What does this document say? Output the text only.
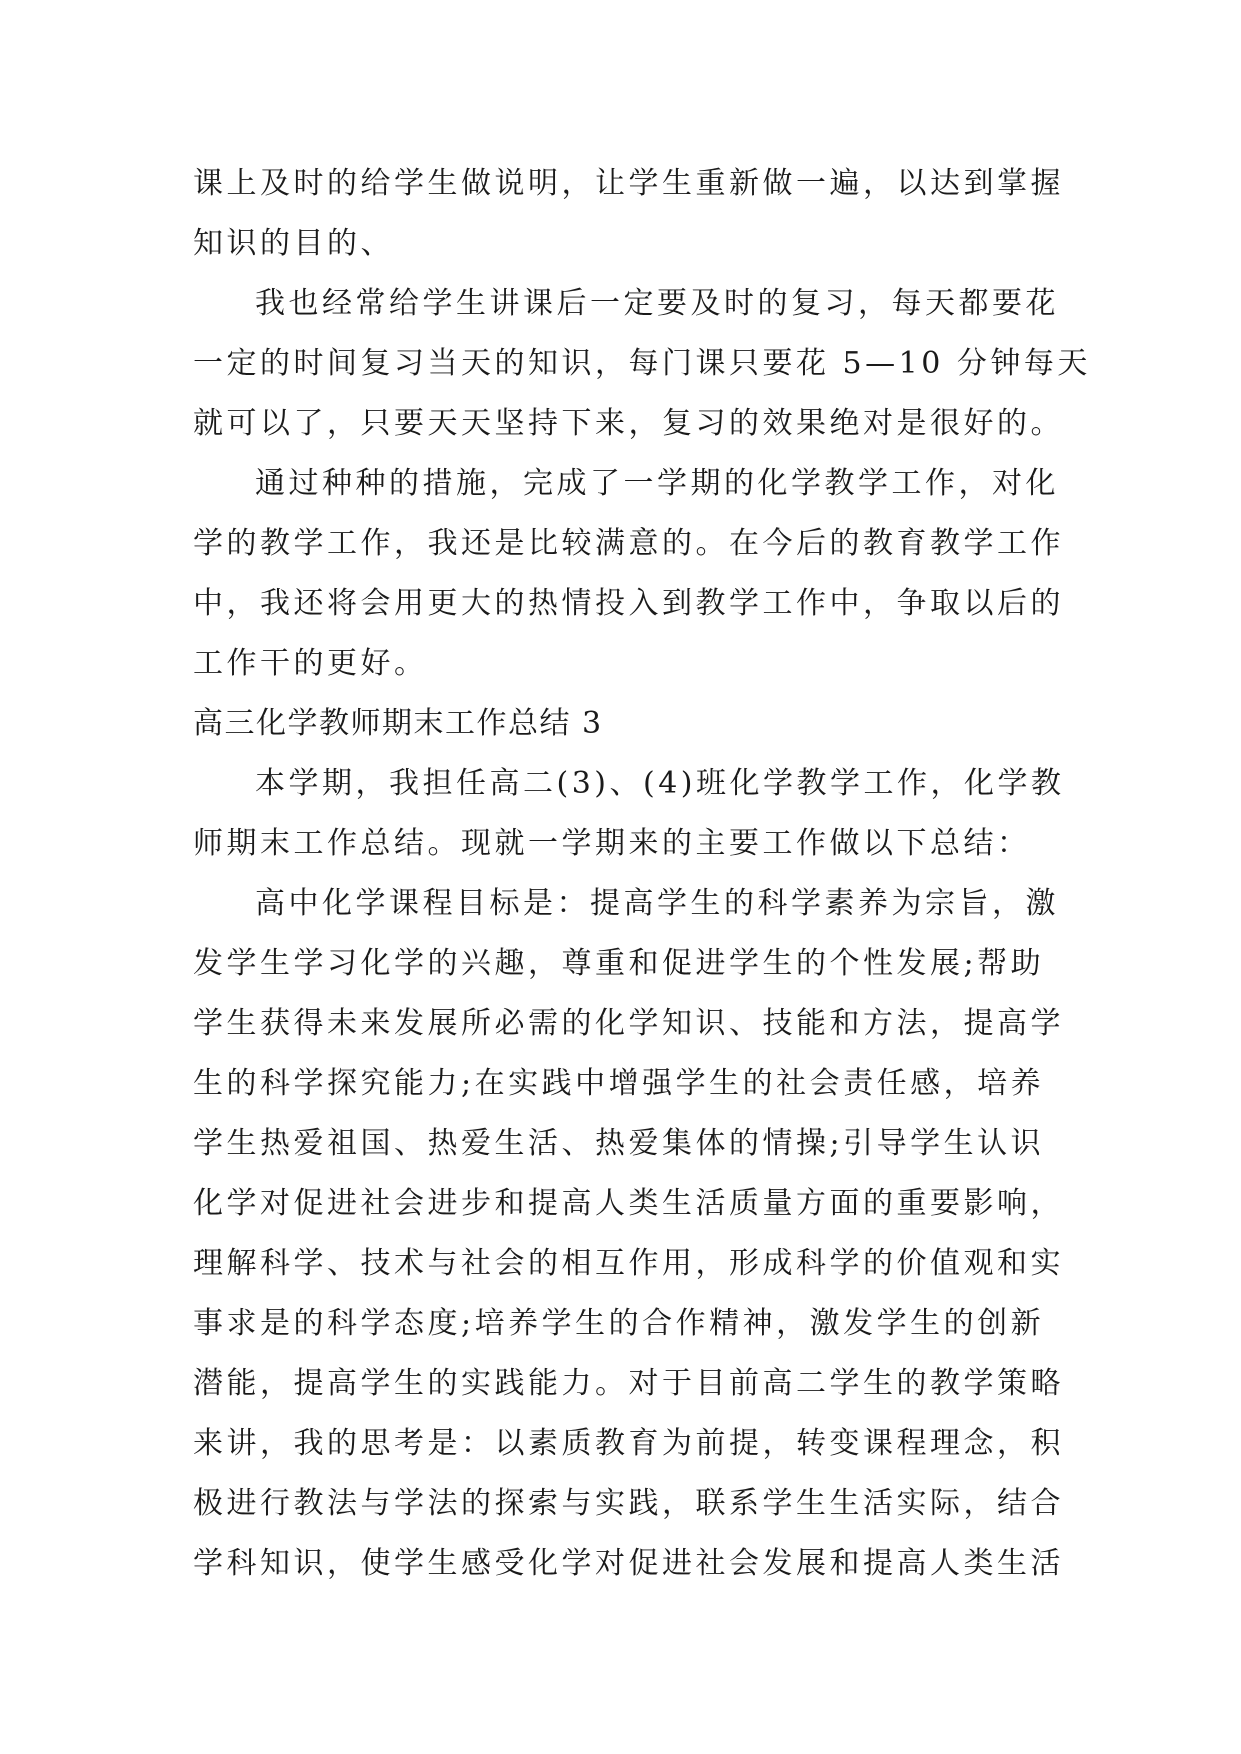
课上及时的给学生做说明，让学生重新做一遍，以达到掌握
知识的目的、
我也经常给学生讲课后一定要及时的复习，每天都要花
一定的时间复习当天的知识，每门课只要花 5—10 分钟每天
就可以了，只要天天坚持下来，复习的效果绝对是很好的。
通过种种的措施，完成了一学期的化学教学工作，对化
学的教学工作，我还是比较满意的。在今后的教育教学工作
中，我还将会用更大的热情投入到教学工作中，争取以后的
工作干的更好。
高三化学教师期末工作总结 3
本学期，我担任高二(3)、(4)班化学教学工作，化学教
师期末工作总结。现就一学期来的主要工作做以下总结：
高中化学课程目标是：提高学生的科学素养为宗旨，激
发学生学习化学的兴趣，尊重和促进学生的个性发展;帮助
学生获得未来发展所必需的化学知识、技能和方法，提高学
生的科学探究能力;在实践中增强学生的社会责任感，培养
学生热爱祖国、热爱生活、热爱集体的情操;引导学生认识
化学对促进社会进步和提高人类生活质量方面的重要影响，
理解科学、技术与社会的相互作用，形成科学的价值观和实
事求是的科学态度;培养学生的合作精神，激发学生的创新
潜能，提高学生的实践能力。对于目前高二学生的教学策略
来讲，我的思考是：以素质教育为前提，转变课程理念，积
极进行教法与学法的探索与实践，联系学生生活实际，结合
学科知识，使学生感受化学对促进社会发展和提高人类生活
